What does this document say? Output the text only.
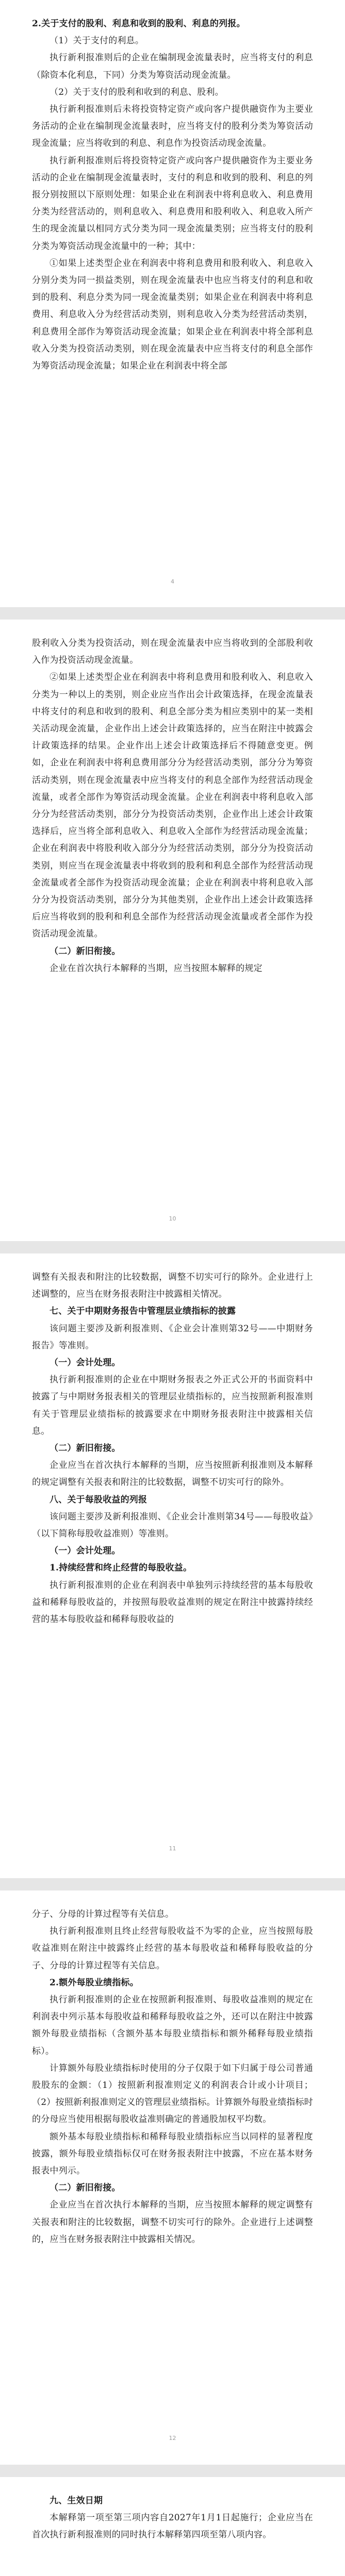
2.关于支付的股利、利息和收到的股利、利息的列报。

（1）关于支付的利息。

执行新利报准则后的企业在编制现金流量表时，应当将支付的利息（除资本化利息，下同）分类为筹资活动现金流量。

（2）关于支付的股利和收到的利息、股利。

执行新利报准则后未将投资特定资产或向客户提供融资作为主要业务活动的企业在编制现金流量表时，应当将支付的股利分类为筹资活动现金流量；应当将收到的利息、利息作为投资活动现金流量。

执行新利报准则后将投资特定资产或向客户提供融资作为主要业务活动的企业在编制现金流量表时，支付的利息和收到的股利、利息的列报分别按照以下原则处理：如果企业在利润表中将利息收入、利息费用分类为经营活动的，则利息收入、利息费用和股利收入、利息收入所产生的现金流量以相同方式分类为同一现金流量类别；应当将支付的股利分类为筹资活动现金流量中的一种；其中：

①如果上述类型企业在利润表中将利息费用和股利收入、利息收入分别分类为同一损益类别，则在现金流量表中也应当将支付的利息和收到的股利、利息分类为同一现金流量类别；如果企业在利润表中将利息费用、利息收入分为经营活动类别，则利息收入分类为经营活动类别，利息费用全部作为筹资活动现金流量；如果企业在利润表中将全部利息收入分类为投资活动类别，则在现金流量表中应当将支付的利息全部作为筹资活动现金流量；如果企业在利润表中将全部

4

股利收入分类为投资活动，则在现金流量表中应当将收到的全部股利收入作为投资活动现金流量。

②如果上述类型企业在利润表中将利息费用和股利收入、利息收入分类为一种以上的类别，则企业应当作出会计政策选择，在现金流量表中将支付的利息和收到的股利、利息全部分类为相应类别中的某一类相关活动现金流量，企业作出上述会计政策选择的，应当在附注中披露会计政策选择的结果。企业作出上述会计政策选择后不得随意变更。例如，企业在利润表中将利息费用部分分为经营活动类别，部分分为筹资活动类别，则在现金流量表中应当将支付的利息全部作为经营活动现金流量，或者全部作为筹资活动现金流量。企业在利润表中将利息收入部分分为经营活动类别，部分分为投资活动类别，企业作出上述会计政策选择后，应当将全部利息收入、利息收入全部作为经营活动现金流量；企业在利润表中将股利收入部分分为经营活动类别，部分分为投资活动类别，则应当在现金流量表中将收到的股利和利息全部作为经营活动现金流量或者全部作为投资活动现金流量；企业在利润表中将利息收入部分分为投资活动类别，部分分为其他类别，企业作出上述会计政策选择后应当将收到的股利和利息全部作为经营活动现金流量或者全部作为投资活动现金流量。

（二）新旧衔接。

企业在首次执行本解释的当期，应当按照本解释的规定

10

调整有关报表和附注的比较数据，调整不切实可行的除外。企业进行上述调整的，应当在财务报表附注中披露相关情况。

七、关于中期财务报告中管理层业绩指标的披露

该问题主要涉及新利报准则、《企业会计准则第32号——中期财务报告》等准则。

（一）会计处理。

执行新利报准则的企业在中期财务报表之外正式公开的书面资料中披露了与中期财务报表相关的管理层业绩指标的，应当按照新利报准则有关于管理层业绩指标的披露要求在中期财务报表附注中披露相关信息。

（二）新旧衔接。

企业应当在首次执行本解释的当期，应当按照新利报准则及本解释的规定调整有关报表和附注的比较数据，调整不切实可行的除外。

八、关于每股收益的列报

该问题主要涉及新利报准则、《企业会计准则第34号——每股收益》（以下简称每股收益准则）等准则。

（一）会计处理。

1.持续经营和终止经营的每股收益。

执行新利报准则的企业在利润表中单独列示持续经营的基本每股收益和稀释每股收益的，并按照每股收益准则的规定在附注中披露持续经营的基本每股收益和稀释每股收益的

11

分子、分母的计算过程等有关信息。

执行新利报准则且终止经营每股收益不为零的企业，应当按照每股收益准则在附注中披露终止经营的基本每股收益和稀释每股收益的分子、分母的计算过程等有关信息。

2.额外每股业绩指标。

执行新利报准则的企业在按照新利报准则、每股收益准则的规定在利润表中列示基本每股收益和稀释每股收益之外，还可以在附注中披露额外每股业绩指标（含额外基本每股业绩指标和额外稀释每股业绩指标）。

计算额外每股业绩指标时使用的分子仅限于如下归属于母公司普通股股东的金额：（1）按照新利报准则定义的利润表合计或小计项目；（2）按照新利报准则定义的管理层业绩指标。计算额外每股业绩指标时的分母应当使用根据每股收益准则确定的普通股加权平均数。

额外基本每股业绩指标和稀释每股业绩指标应当以同样的显著程度披露，额外每股业绩指标仅可在财务报表附注中披露，不应在基本财务报表中列示。

（二）新旧衔接。

企业应当在首次执行本解释的当期，应当按照本解释的规定调整有关报表和附注的比较数据，调整不切实可行的除外。企业进行上述调整的，应当在财务报表附注中披露相关情况。

12

九、生效日期

本解释第一项至第三项内容自2027年1月1日起施行；企业应当在首次执行新利报准则的同时执行本解释第四项至第八项内容。
